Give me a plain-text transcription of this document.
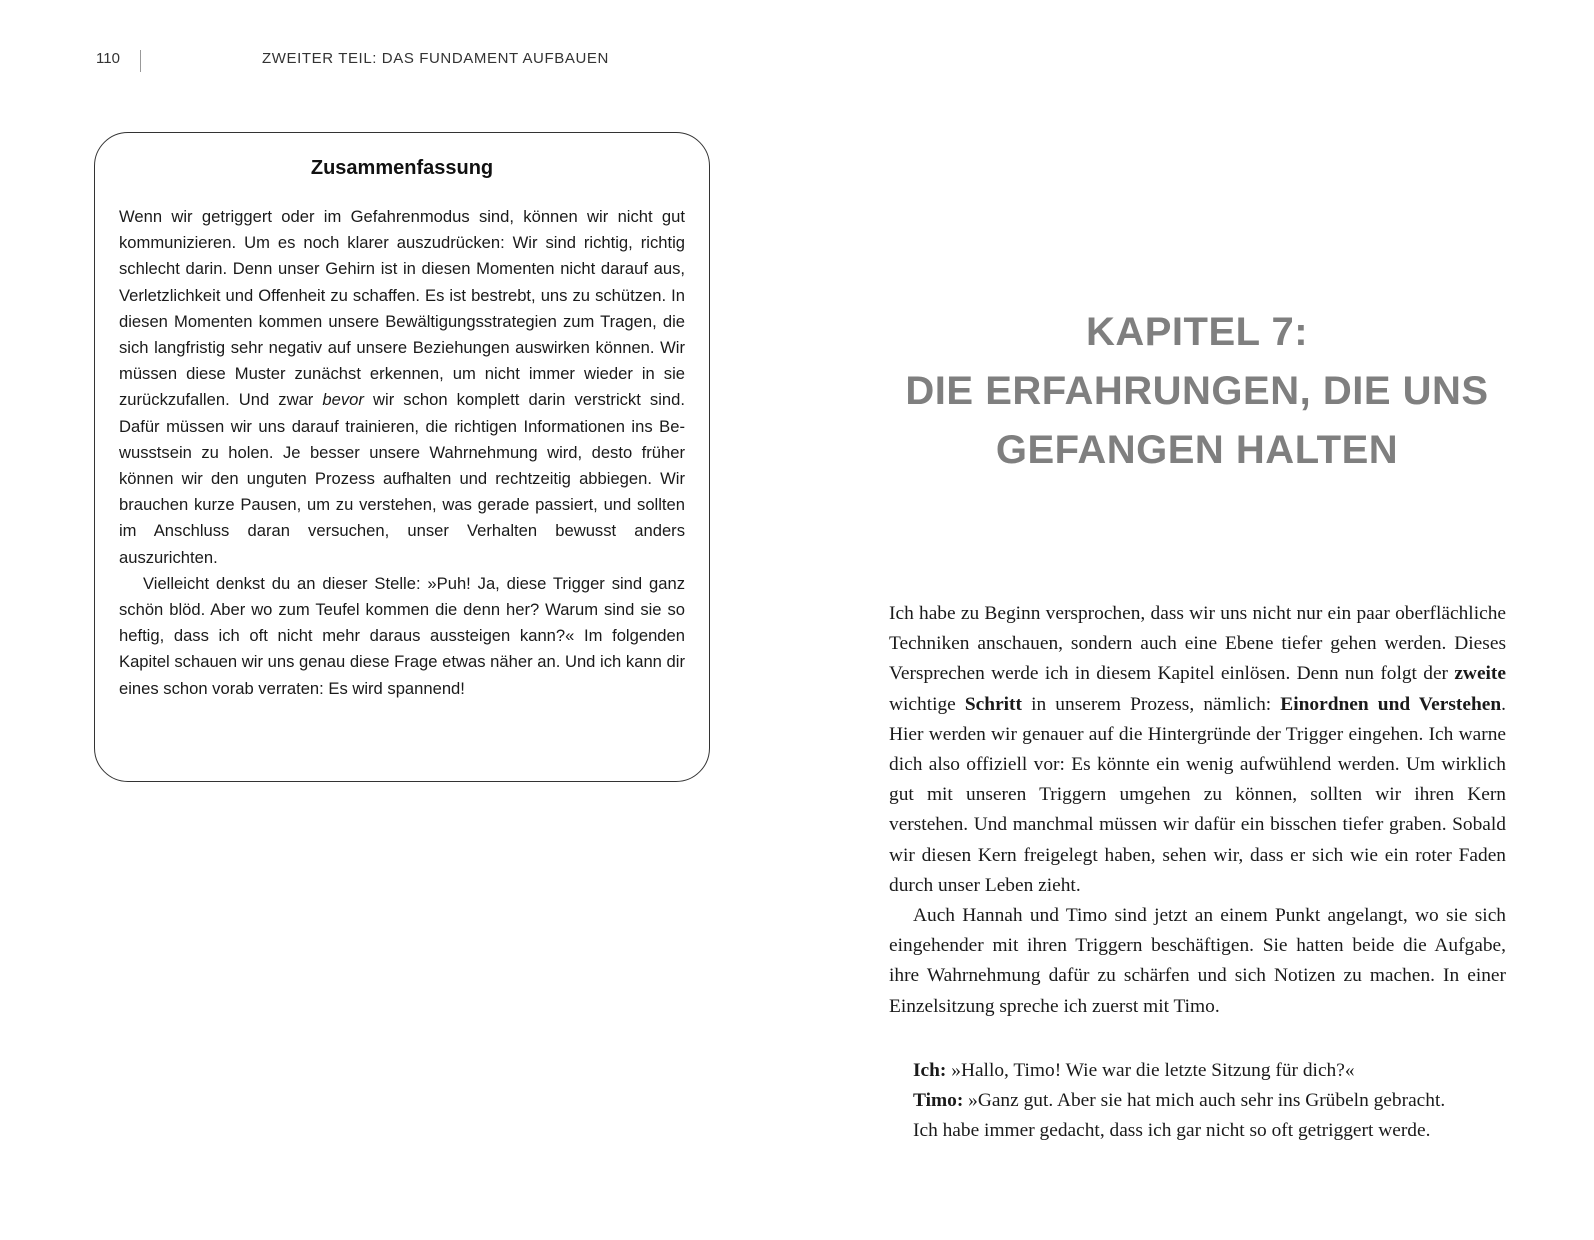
110	ZWEITER TEIL: DAS FUNDAMENT AUFBAUEN
Zusammenfassung

Wenn wir getriggert oder im Gefahrenmodus sind, können wir nicht gut kommunizieren. Um es noch klarer auszudrücken: Wir sind richtig, richtig schlecht darin. Denn unser Gehirn ist in diesen Momenten nicht darauf aus, Verletzlichkeit und Offenheit zu schaffen. Es ist bestrebt, uns zu schützen. In diesen Momenten kommen unsere Bewältigungsstrategien zum Tragen, die sich langfristig sehr negativ auf unsere Beziehungen auswirken können. Wir müssen diese Muster zunächst erkennen, um nicht immer wieder in sie zurückzufallen. Und zwar bevor wir schon komplett darin verstrickt sind. Dafür müssen wir uns darauf trainieren, die richtigen Informationen ins Bewusstsein zu holen. Je besser unsere Wahrnehmung wird, desto früher können wir den unguten Prozess aufhalten und rechtzeitig abbiegen. Wir brauchen kurze Pausen, um zu verstehen, was gerade passiert, und sollten im Anschluss daran versuchen, unser Verhalten bewusst anders auszurichten.

Vielleicht denkst du an dieser Stelle: »Puh! Ja, diese Trigger sind ganz schön blöd. Aber wo zum Teufel kommen die denn her? Warum sind sie so heftig, dass ich oft nicht mehr daraus aussteigen kann?« Im folgenden Kapitel schauen wir uns genau diese Frage etwas näher an. Und ich kann dir eines schon vorab verraten: Es wird spannend!

KAPITEL 7:
DIE ERFAHRUNGEN, DIE UNS
GEFANGEN HALTEN

Ich habe zu Beginn versprochen, dass wir uns nicht nur ein paar oberflächliche Techniken anschauen, sondern auch eine Ebene tiefer gehen werden. Dieses Versprechen werde ich in diesem Kapitel einlösen. Denn nun folgt der zweite wichtige Schritt in unserem Prozess, nämlich: Einordnen und Verstehen. Hier werden wir genauer auf die Hintergründe der Trigger eingehen. Ich warne dich also offiziell vor: Es könnte ein wenig aufwühlend werden. Um wirklich gut mit unseren Triggern umgehen zu können, sollten wir ihren Kern verstehen. Und manchmal müssen wir dafür ein bisschen tiefer graben. Sobald wir diesen Kern freigelegt haben, sehen wir, dass er sich wie ein roter Faden durch unser Leben zieht.

Auch Hannah und Timo sind jetzt an einem Punkt angelangt, wo sie sich eingehender mit ihren Triggern beschäftigen. Sie hatten beide die Aufgabe, ihre Wahrnehmung dafür zu schärfen und sich Notizen zu machen. In einer Einzelsitzung spreche ich zuerst mit Timo.

Ich: »Hallo, Timo! Wie war die letzte Sitzung für dich?«
Timo: »Ganz gut. Aber sie hat mich auch sehr ins Grübeln gebracht.
Ich habe immer gedacht, dass ich gar nicht so oft getriggert werde.
